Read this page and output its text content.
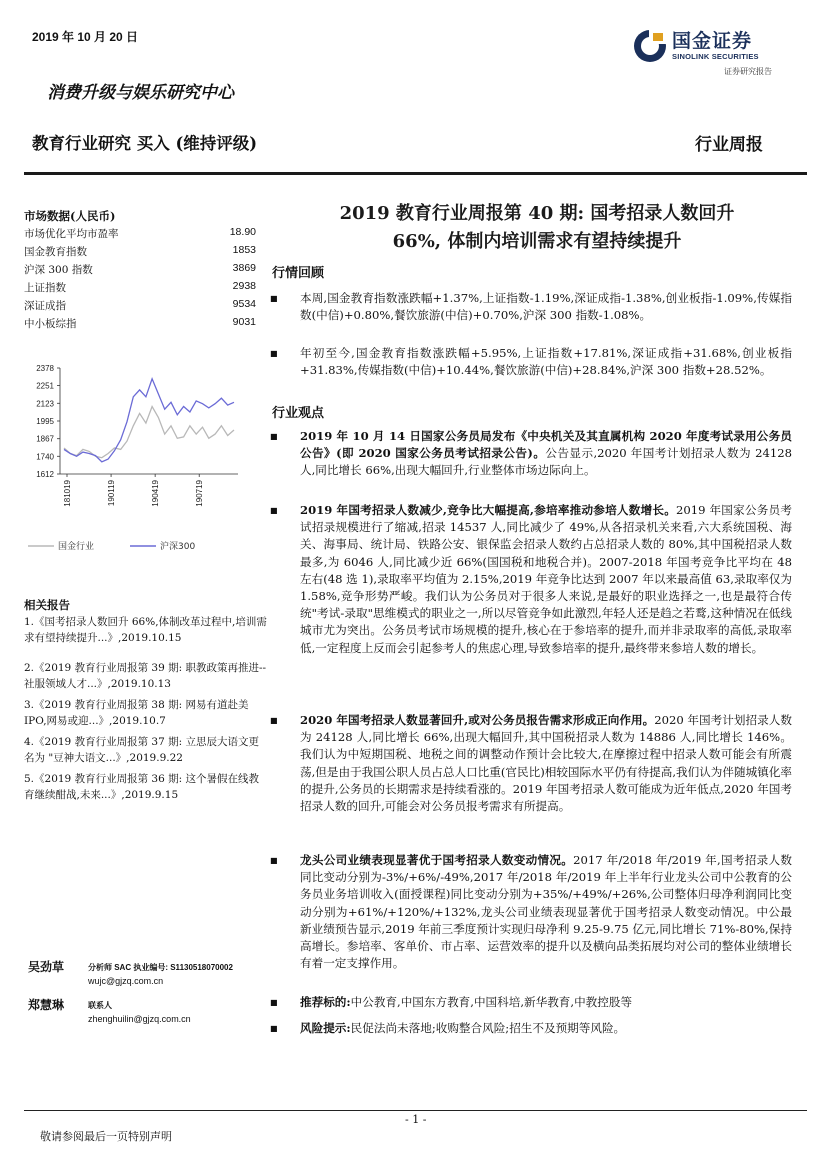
2019 年 10 月 20 日	国金证券
SINOLINK SECURITIES
证券研究报告
消费升级与娱乐研究中心
教育行业研究 买入 (维持评级)	行业周报
市场数据(人民币)
市场优化平均市盈率	18.90
国金教育指数	1853
沪深 300 指数	3869
上证指数	2938
深证成指	9534
中小板综指	9031
2378
2251
2123
1995
1867
1740
1612
181019	190119	190419	190719
国金行业	沪深300
相关报告
1.《国考招录人数回升 66%,体制改革过程中,培训需求有望持续提升...》,2019.10.15
2.《2019 教育行业周报第 39 期: 职教政策再推进--社服领域人才...》,2019.10.13
3.《2019 教育行业周报第 38 期: 网易有道赴美 IPO,网易或迎...》,2019.10.7
4.《2019 教育行业周报第 37 期: 立思辰大语文更名为 "豆神大语文...》,2019.9.22
5.《2019 教育行业周报第 36 期: 这个暑假在线教育继续酣战,未来...》,2019.9.15
吴劲草	分析师 SAC 执业编号: S1130518070002
wujc@gjzq.com.cn
郑慧琳	联系人
zhenghuilin@gjzq.com.cn
2019 教育行业周报第 40 期: 国考招录人数回升
66%, 体制内培训需求有望持续提升
行情回顾
■ 本周,国金教育指数涨跌幅+1.37%,上证指数-1.19%,深证成指-1.38%,创业板指-1.09%,传媒指数(中信)+0.80%,餐饮旅游(中信)+0.70%,沪深 300 指数-1.08%。

■ 年初至今,国金教育指数涨跌幅+5.95%,上证指数+17.81%,深证成指+31.68%,创业板指+31.83%,传媒指数(中信)+10.44%,餐饮旅游(中信)+28.84%,沪深 300 指数+28.52%。

行业观点
■ 2019 年 10 月 14 日国家公务员局发布《中央机关及其直属机构 2020 年度考试录用公务员公告》(即 2020 国家公务员考试招录公告)。公告显示,2020 年国考计划招录人数为 24128 人,同比增长 66%,出现大幅回升,行业整体市场边际向上。

■ 2019 年国考招录人数减少,竞争比大幅提高,参培率推动参培人数增长。2019 年国家公务员考试招录规模进行了缩减,招录 14537 人,同比减少了 49%,从各招录机关来看,六大系统国税、海关、海事局、统计局、铁路公安、银保监会招录人数约占总招录人数的 80%,其中国税招录人数最多,为 6046 人,同比减少近 66%(国国税和地税合并)。2007-2018 年国考竞争比平均在 48 左右(48 选 1),录取率平均值为 2.15%,2019 年竞争比达到 2007 年以来最高值 63,录取率仅为 1.58%,竞争形势严峻。我们认为公务员对于很多人来说,是最好的职业选择之一,也是最符合传统"考试-录取"思维模式的职业之一,所以尽管竞争如此激烈,年轻人还是趋之若鹜,这种情况在低线城市尤为突出。公务员考试市场规模的提升,核心在于参培率的提升,而并非录取率的高低,录取率低,一定程度上反而会引起参考人的焦虑心理,导致参培率的提升,最终带来参培人数的增长。

■ 2020 年国考招录人数显著回升,或对公务员报告需求形成正向作用。2020 年国考计划招录人数为 24128 人,同比增长 66%,出现大幅回升,其中国税招录人数为 14886 人,同比增长 146%。我们认为中短期国税、地税之间的调整动作预计会比较大,在摩擦过程中招录人数可能会有所震荡,但是由于我国公职人员占总人口比重(官民比)相较国际水平仍有待提高,我们认为伴随城镇化率的提升,公务员的长期需求是持续看涨的。2019 年国考招录人数可能成为近年低点,2020 年国考招录人数的回升,可能会对公务员报考需求有所提高。

■ 龙头公司业绩表现显著优于国考招录人数变动情况。2017 年/2018 年/2019 年,国考招录人数同比变动分别为-3%/+6%/-49%,2017 年/2018 年/2019 年上半年行业龙头公司中公教育的公务员业务培训收入(面授课程)同比变动分别为+35%/+49%/+26%,公司整体归母净利润同比变动分别为+61%/+120%/+132%,龙头公司业绩表现显著优于国考招录人数变动情况。中公最新业绩预告显示,2019 年前三季度预计实现归母净利 9.25-9.75 亿元,同比增长 71%-80%,保持高增长。参培率、客单价、市占率、运营效率的提升以及横向品类拓展均对公司的整体业绩增长有着一定支撑作用。

■ 推荐标的:中公教育,中国东方教育,中国科培,新华教育,中教控股等

■ 风险提示:民促法尚未落地;收购整合风险;招生不及预期等风险。

- 1 -
敬请参阅最后一页特别声明
